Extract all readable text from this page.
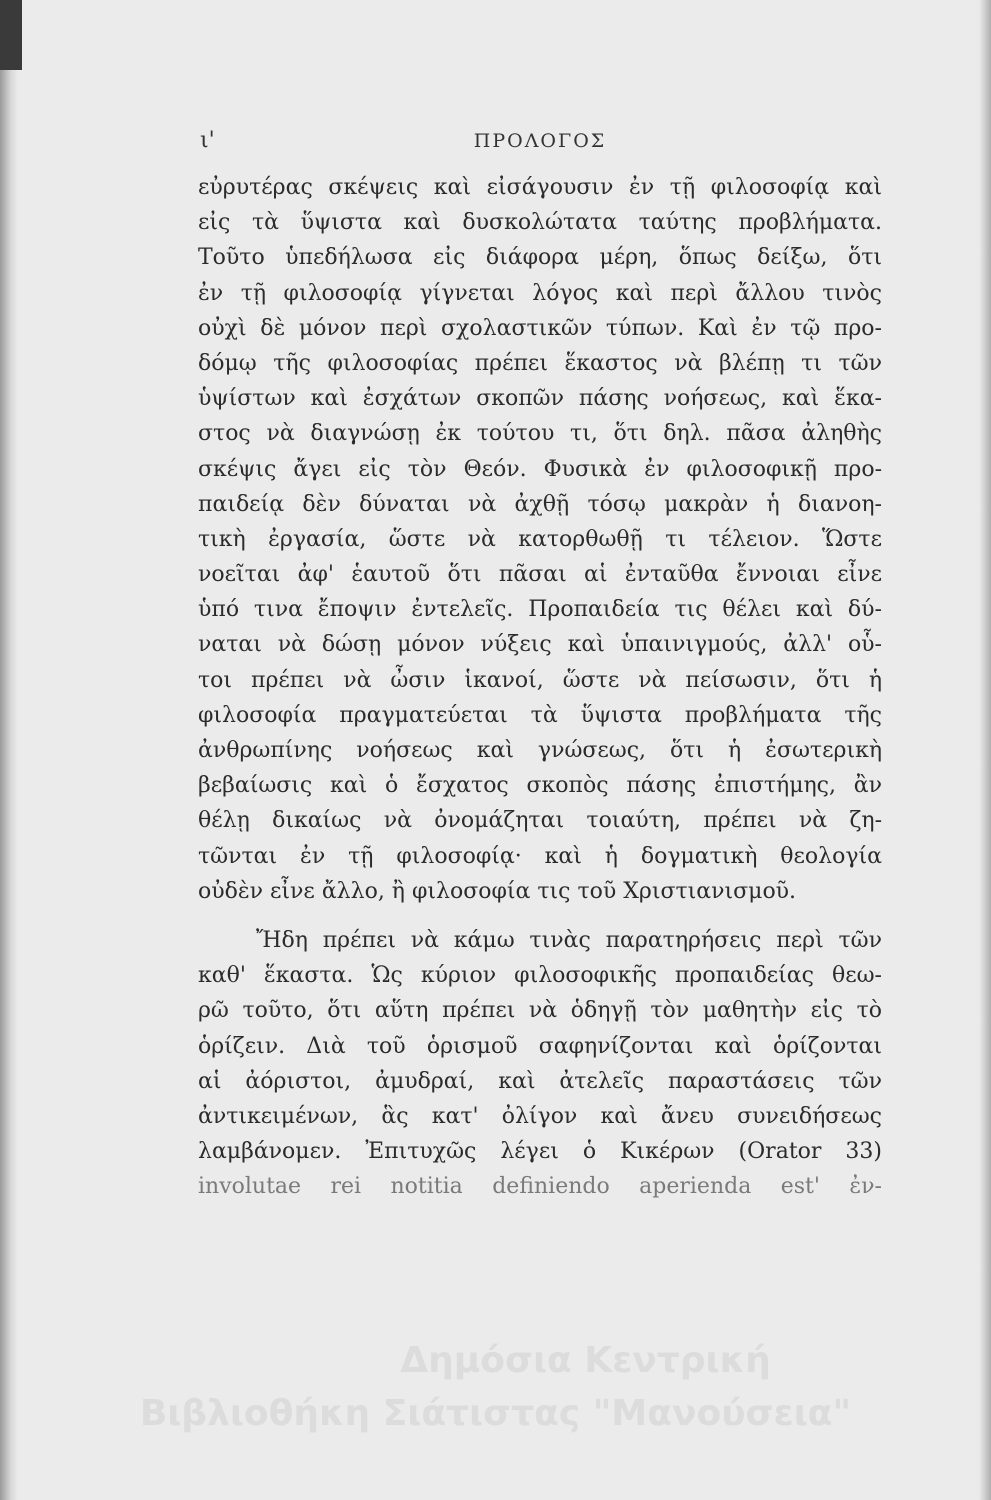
ι'	ΠΡΟΛΟΓΟΣ
εὐρυτέρας σκέψεις καὶ εἰσάγουσιν ἐν τῇ φιλοσοφίᾳ καὶ
εἰς τὰ ὕψιστα καὶ δυσκολώτατα ταύτης προβλήματα.
Τοῦτο ὑπεδήλωσα εἰς διάφορα μέρη, ὅπως δείξω, ὅτι
ἐν τῇ φιλοσοφίᾳ γίγνεται λόγος καὶ περὶ ἄλλου τινὸς
οὐχὶ δὲ μόνον περὶ σχολαστικῶν τύπων. Καὶ ἐν τῷ προ-
δόμῳ τῆς φιλοσοφίας πρέπει ἕκαστος νὰ βλέπῃ τι τῶν
ὑψίστων καὶ ἐσχάτων σκοπῶν πάσης νοήσεως, καὶ ἕκα-
στος νὰ διαγνώσῃ ἐκ τούτου τι, ὅτι δηλ. πᾶσα ἀληθὴς
σκέψις ἄγει εἰς τὸν Θεόν. Φυσικὰ ἐν φιλοσοφικῇ προ-
παιδείᾳ δὲν δύναται νὰ ἀχθῇ τόσῳ μακρὰν ἡ διανοη-
τικὴ ἐργασία, ὥστε νὰ κατορθωθῇ τι τέλειον. Ὥστε
νοεῖται ἀφ' ἑαυτοῦ ὅτι πᾶσαι αἱ ἐνταῦθα ἔννοιαι εἶνε
ὑπό τινα ἔποψιν ἐντελεῖς. Προπαιδεία τις θέλει καὶ δύ-
ναται νὰ δώσῃ μόνον νύξεις καὶ ὑπαινιγμούς, ἀλλ' οὗ-
τοι πρέπει νὰ ὦσιν ἱκανοί, ὥστε νὰ πείσωσιν, ὅτι ἡ
φιλοσοφία πραγματεύεται τὰ ὕψιστα προβλήματα τῆς
ἀνθρωπίνης νοήσεως καὶ γνώσεως, ὅτι ἡ ἐσωτερικὴ
βεβαίωσις καὶ ὁ ἔσχατος σκοπὸς πάσης ἐπιστήμης, ἂν
θέλῃ δικαίως νὰ ὀνομάζηται τοιαύτη, πρέπει νὰ ζη-
τῶνται ἐν τῇ φιλοσοφίᾳ· καὶ ἡ δογματικὴ θεολογία
οὐδὲν εἶνε ἄλλο, ἢ φιλοσοφία τις τοῦ Χριστιανισμοῦ.
Ἤδη πρέπει νὰ κάμω τινὰς παρατηρήσεις περὶ τῶν
καθ' ἕκαστα. Ὡς κύριον φιλοσοφικῆς προπαιδείας θεω-
ρῶ τοῦτο, ὅτι αὕτη πρέπει νὰ ὁδηγῇ τὸν μαθητὴν εἰς τὸ
ὁρίζειν. Διὰ τοῦ ὁρισμοῦ σαφηνίζονται καὶ ὁρίζονται
αἱ ἀόριστοι, ἀμυδραί, καὶ ἀτελεῖς παραστάσεις τῶν
ἀντικειμένων, ἃς κατ' ὀλίγον καὶ ἄνευ συνειδήσεως
λαμβάνομεν. Ἐπιτυχῶς λέγει ὁ Κικέρων (Orator 33)
involutae rei notitia definiendo aperienda est' ἐν-
Δημόσια Κεντρική
Βιβλιοθήκη Σιάτιστας "Μανούσεια"
